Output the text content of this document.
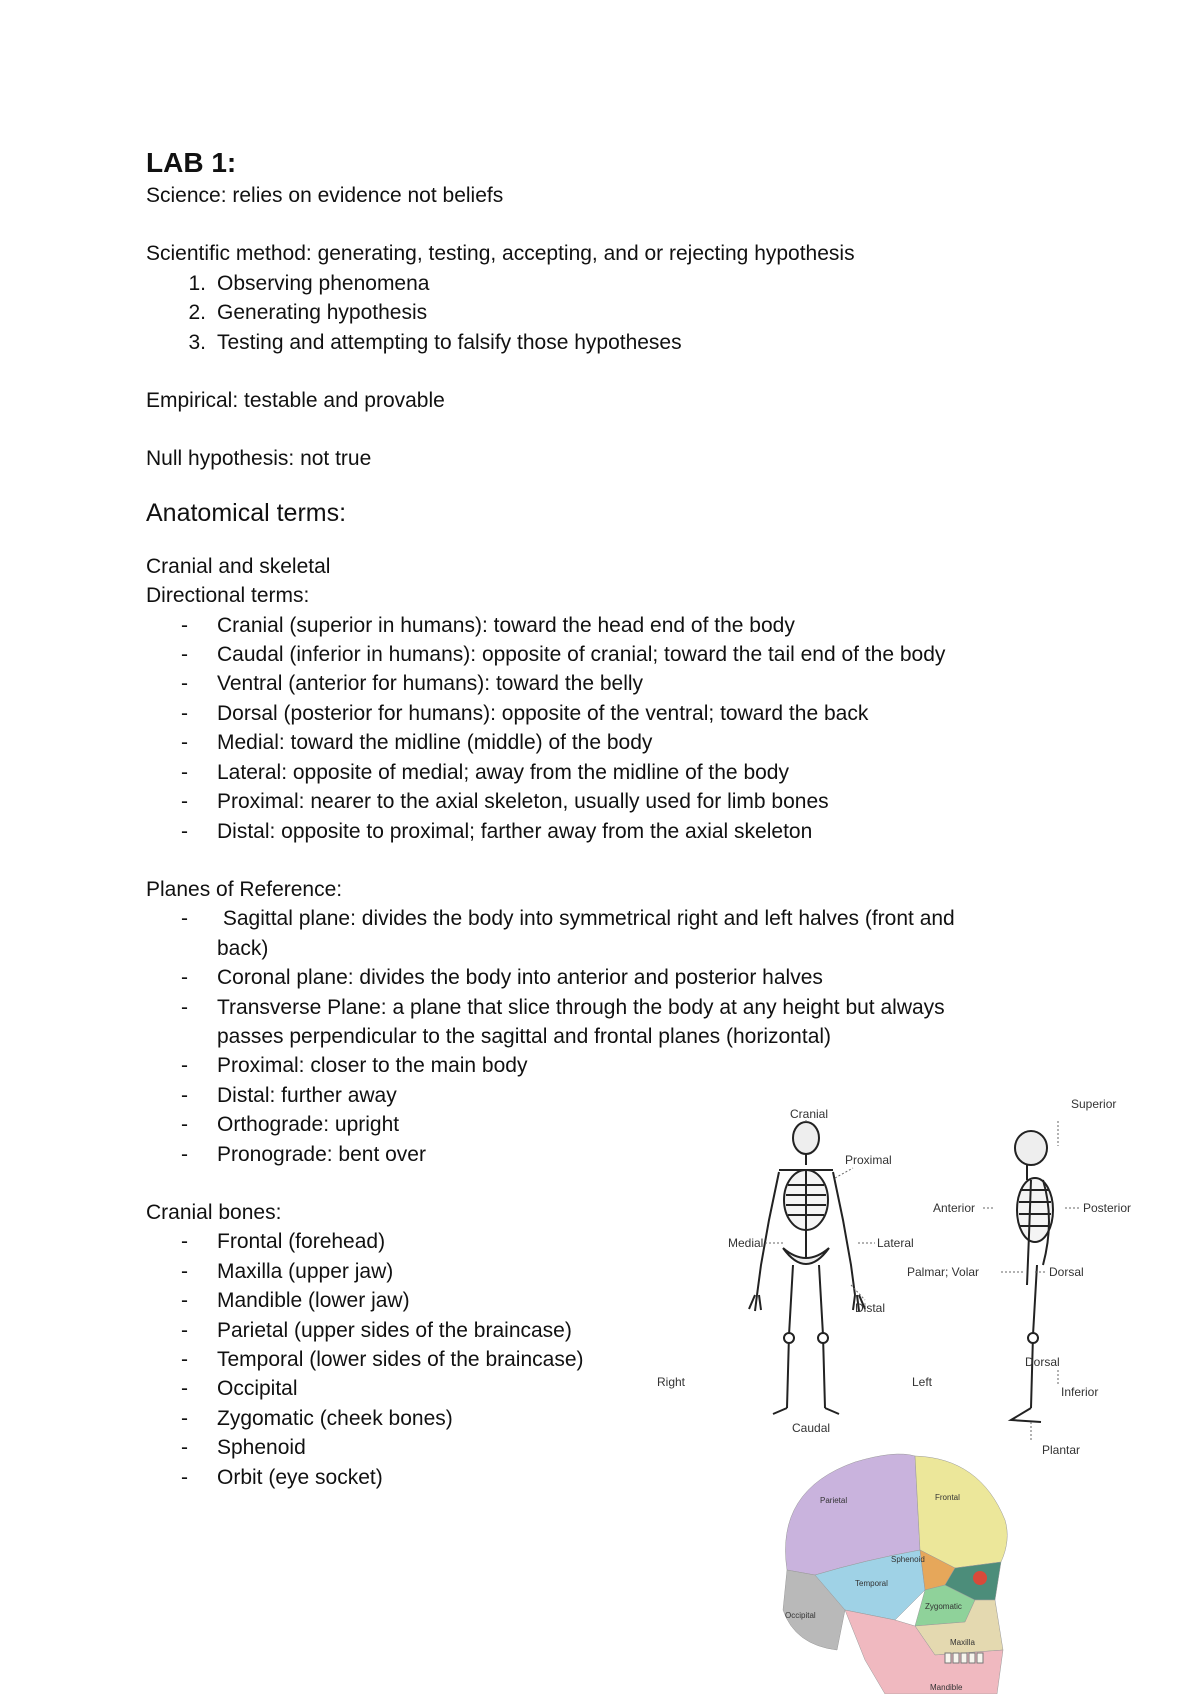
LAB 1:

Science: relies on evidence not beliefs

Scientific method: generating, testing, accepting, and or rejecting hypothesis

1. Observing phenomena
2. Generating hypothesis
3. Testing and attempting to falsify those hypotheses

Empirical: testable and provable

Null hypothesis: not true

Anatomical terms:

Cranial and skeletal

Directional terms:

- Cranial (superior in humans): toward the head end of the body
- Caudal (inferior in humans): opposite of cranial; toward the tail end of the body
- Ventral (anterior for humans): toward the belly
- Dorsal (posterior for humans): opposite of the ventral; toward the back
- Medial: toward the midline (middle) of the body
- Lateral: opposite of medial; away from the midline of the body
- Proximal: nearer to the axial skeleton, usually used for limb bones
- Distal: opposite to proximal; farther away from the axial skeleton

Planes of Reference:

- Sagittal plane: divides the body into symmetrical right and left halves (front and back)
- Coronal plane: divides the body into anterior and posterior halves
- Transverse Plane: a plane that slice through the body at any height but always passes perpendicular to the sagittal and frontal planes (horizontal)
- Proximal: closer to the main body
- Distal: further away
- Orthograde: upright
- Pronograde: bent over

Cranial bones:

- Frontal (forehead)
- Maxilla (upper jaw)
- Mandible (lower jaw)
- Parietal (upper sides of the braincase)
- Temporal (lower sides of the braincase)
- Occipital
- Zygomatic (cheek bones)
- Sphenoid
- Orbit (eye socket)
Cranial
Proximal
Lateral
Medial
Distal
Right	Left
Caudal
Superior
Anterior	Posterior
Palmar; Volar	Dorsal
Dorsal
Inferior
Plantar
Parietal	Frontal
Temporal
Occipital
Zygomatic
Maxilla
Mandible
Sphenoid
